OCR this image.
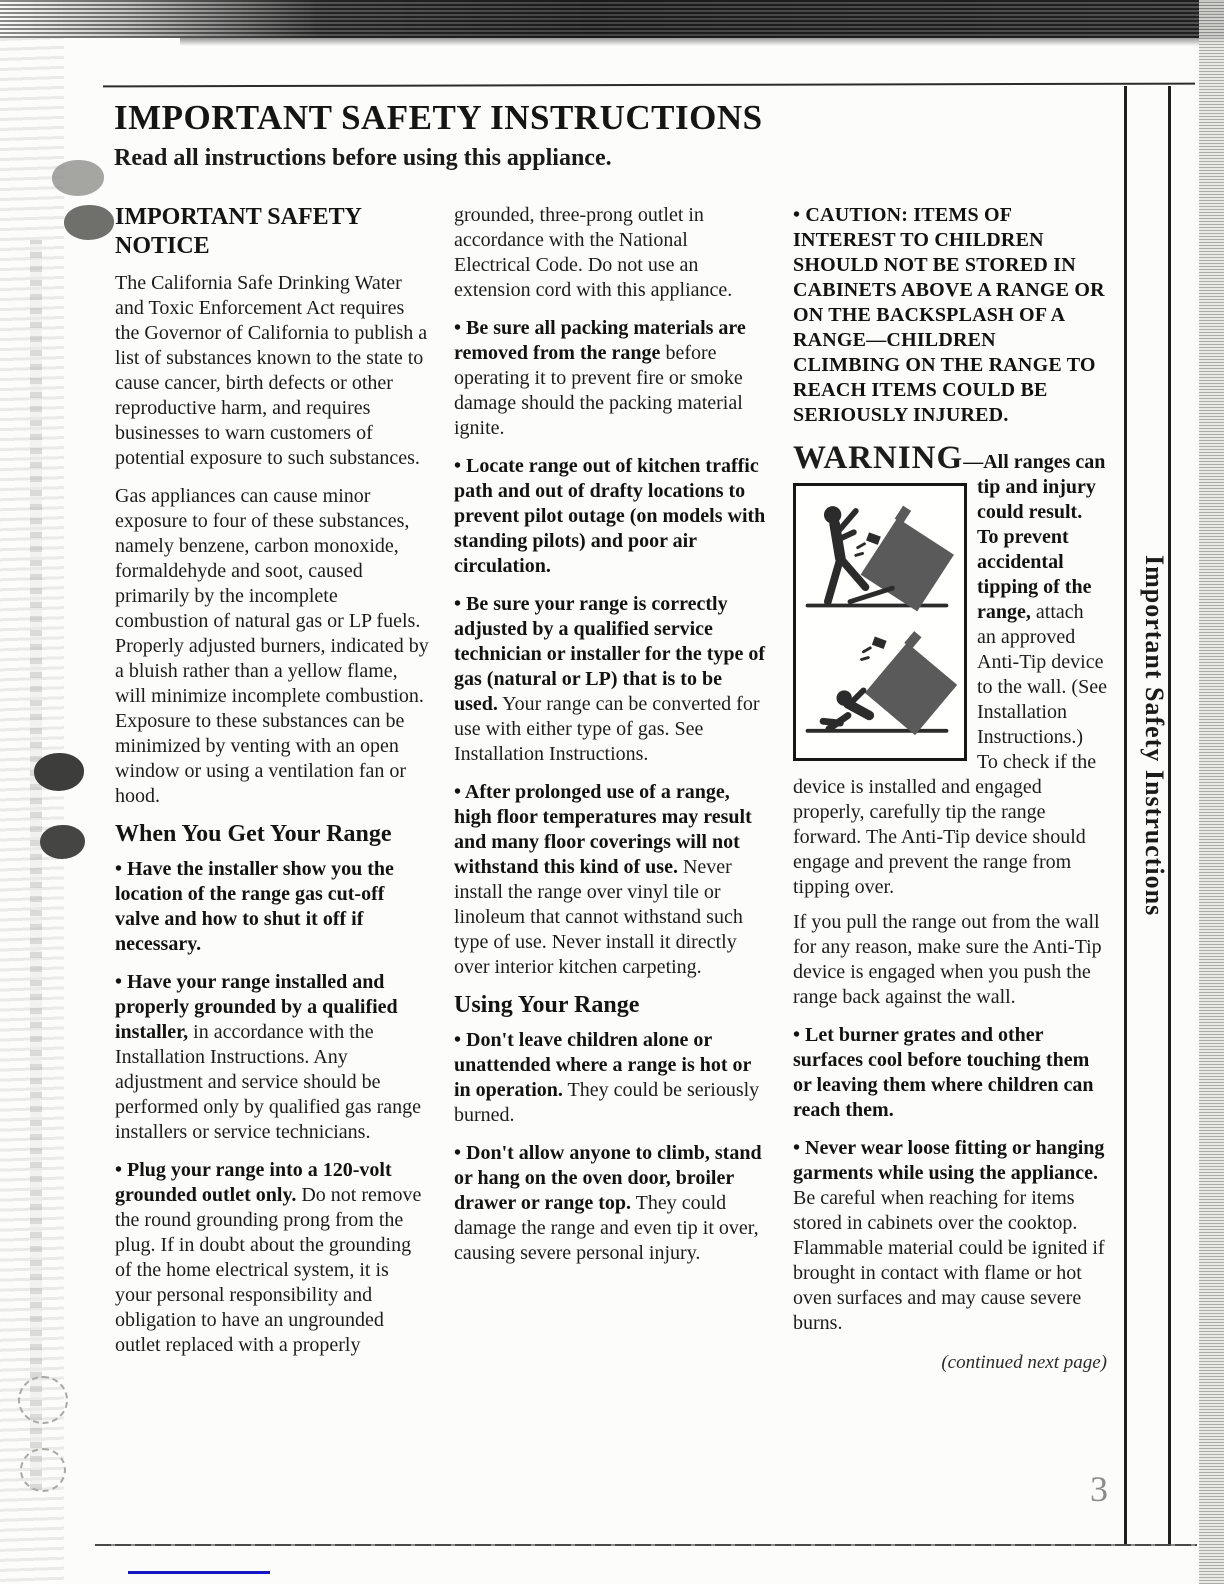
IMPORTANT SAFETY INSTRUCTIONS
Read all instructions before using this appliance.
IMPORTANT SAFETY NOTICE

The California Safe Drinking Water and Toxic Enforcement Act requires the Governor of California to publish a list of substances known to the state to cause cancer, birth defects or other reproductive harm, and requires businesses to warn customers of potential exposure to such substances.

Gas appliances can cause minor exposure to four of these substances, namely benzene, carbon monoxide, formaldehyde and soot, caused primarily by the incomplete combustion of natural gas or LP fuels. Properly adjusted burners, indicated by a bluish rather than a yellow flame, will minimize incomplete combustion. Exposure to these substances can be minimized by venting with an open window or using a ventilation fan or hood.

When You Get Your Range

• Have the installer show you the location of the range gas cut-off valve and how to shut it off if necessary.

• Have your range installed and properly grounded by a qualified installer, in accordance with the Installation Instructions. Any adjustment and service should be performed only by qualified gas range installers or service technicians.

• Plug your range into a 120-volt grounded outlet only. Do not remove the round grounding prong from the plug. If in doubt about the grounding of the home electrical system, it is your personal responsibility and obligation to have an ungrounded outlet replaced with a properly

grounded, three-prong outlet in accordance with the National Electrical Code. Do not use an extension cord with this appliance.

• Be sure all packing materials are removed from the range before operating it to prevent fire or smoke damage should the packing material ignite.

• Locate range out of kitchen traffic path and out of drafty locations to prevent pilot outage (on models with standing pilots) and poor air circulation.

• Be sure your range is correctly adjusted by a qualified service technician or installer for the type of gas (natural or LP) that is to be used. Your range can be converted for use with either type of gas. See Installation Instructions.

• After prolonged use of a range, high floor temperatures may result and many floor coverings will not withstand this kind of use. Never install the range over vinyl tile or linoleum that cannot withstand such type of use. Never install it directly over interior kitchen carpeting.

Using Your Range

• Don't leave children alone or unattended where a range is hot or in operation. They could be seriously burned.

• Don't allow anyone to climb, stand or hang on the oven door, broiler drawer or range top. They could damage the range and even tip it over, causing severe personal injury.

• CAUTION: ITEMS OF INTEREST TO CHILDREN SHOULD NOT BE STORED IN CABINETS ABOVE A RANGE OR ON THE BACKSPLASH OF A RANGE—CHILDREN CLIMBING ON THE RANGE TO REACH ITEMS COULD BE SERIOUSLY INJURED.

WARNING—All ranges
can tip and injury could result. To prevent accidental tipping of the range, attach an approved Anti-Tip device to the wall. (See Installation Instructions.) To check if the device is installed and engaged properly, carefully tip the range forward. The Anti-Tip device should engage and prevent the range from tipping over.

If you pull the range out from the wall for any reason, make sure the Anti-Tip device is engaged when you push the range back against the wall.

• Let burner grates and other surfaces cool before touching them or leaving them where children can reach them.

• Never wear loose fitting or hanging garments while using the appliance. Be careful when reaching for items stored in cabinets over the cooktop. Flammable material could be ignited if brought in contact with flame or hot oven surfaces and may cause severe burns.

(continued next page)
Important Safety Instructions
3
